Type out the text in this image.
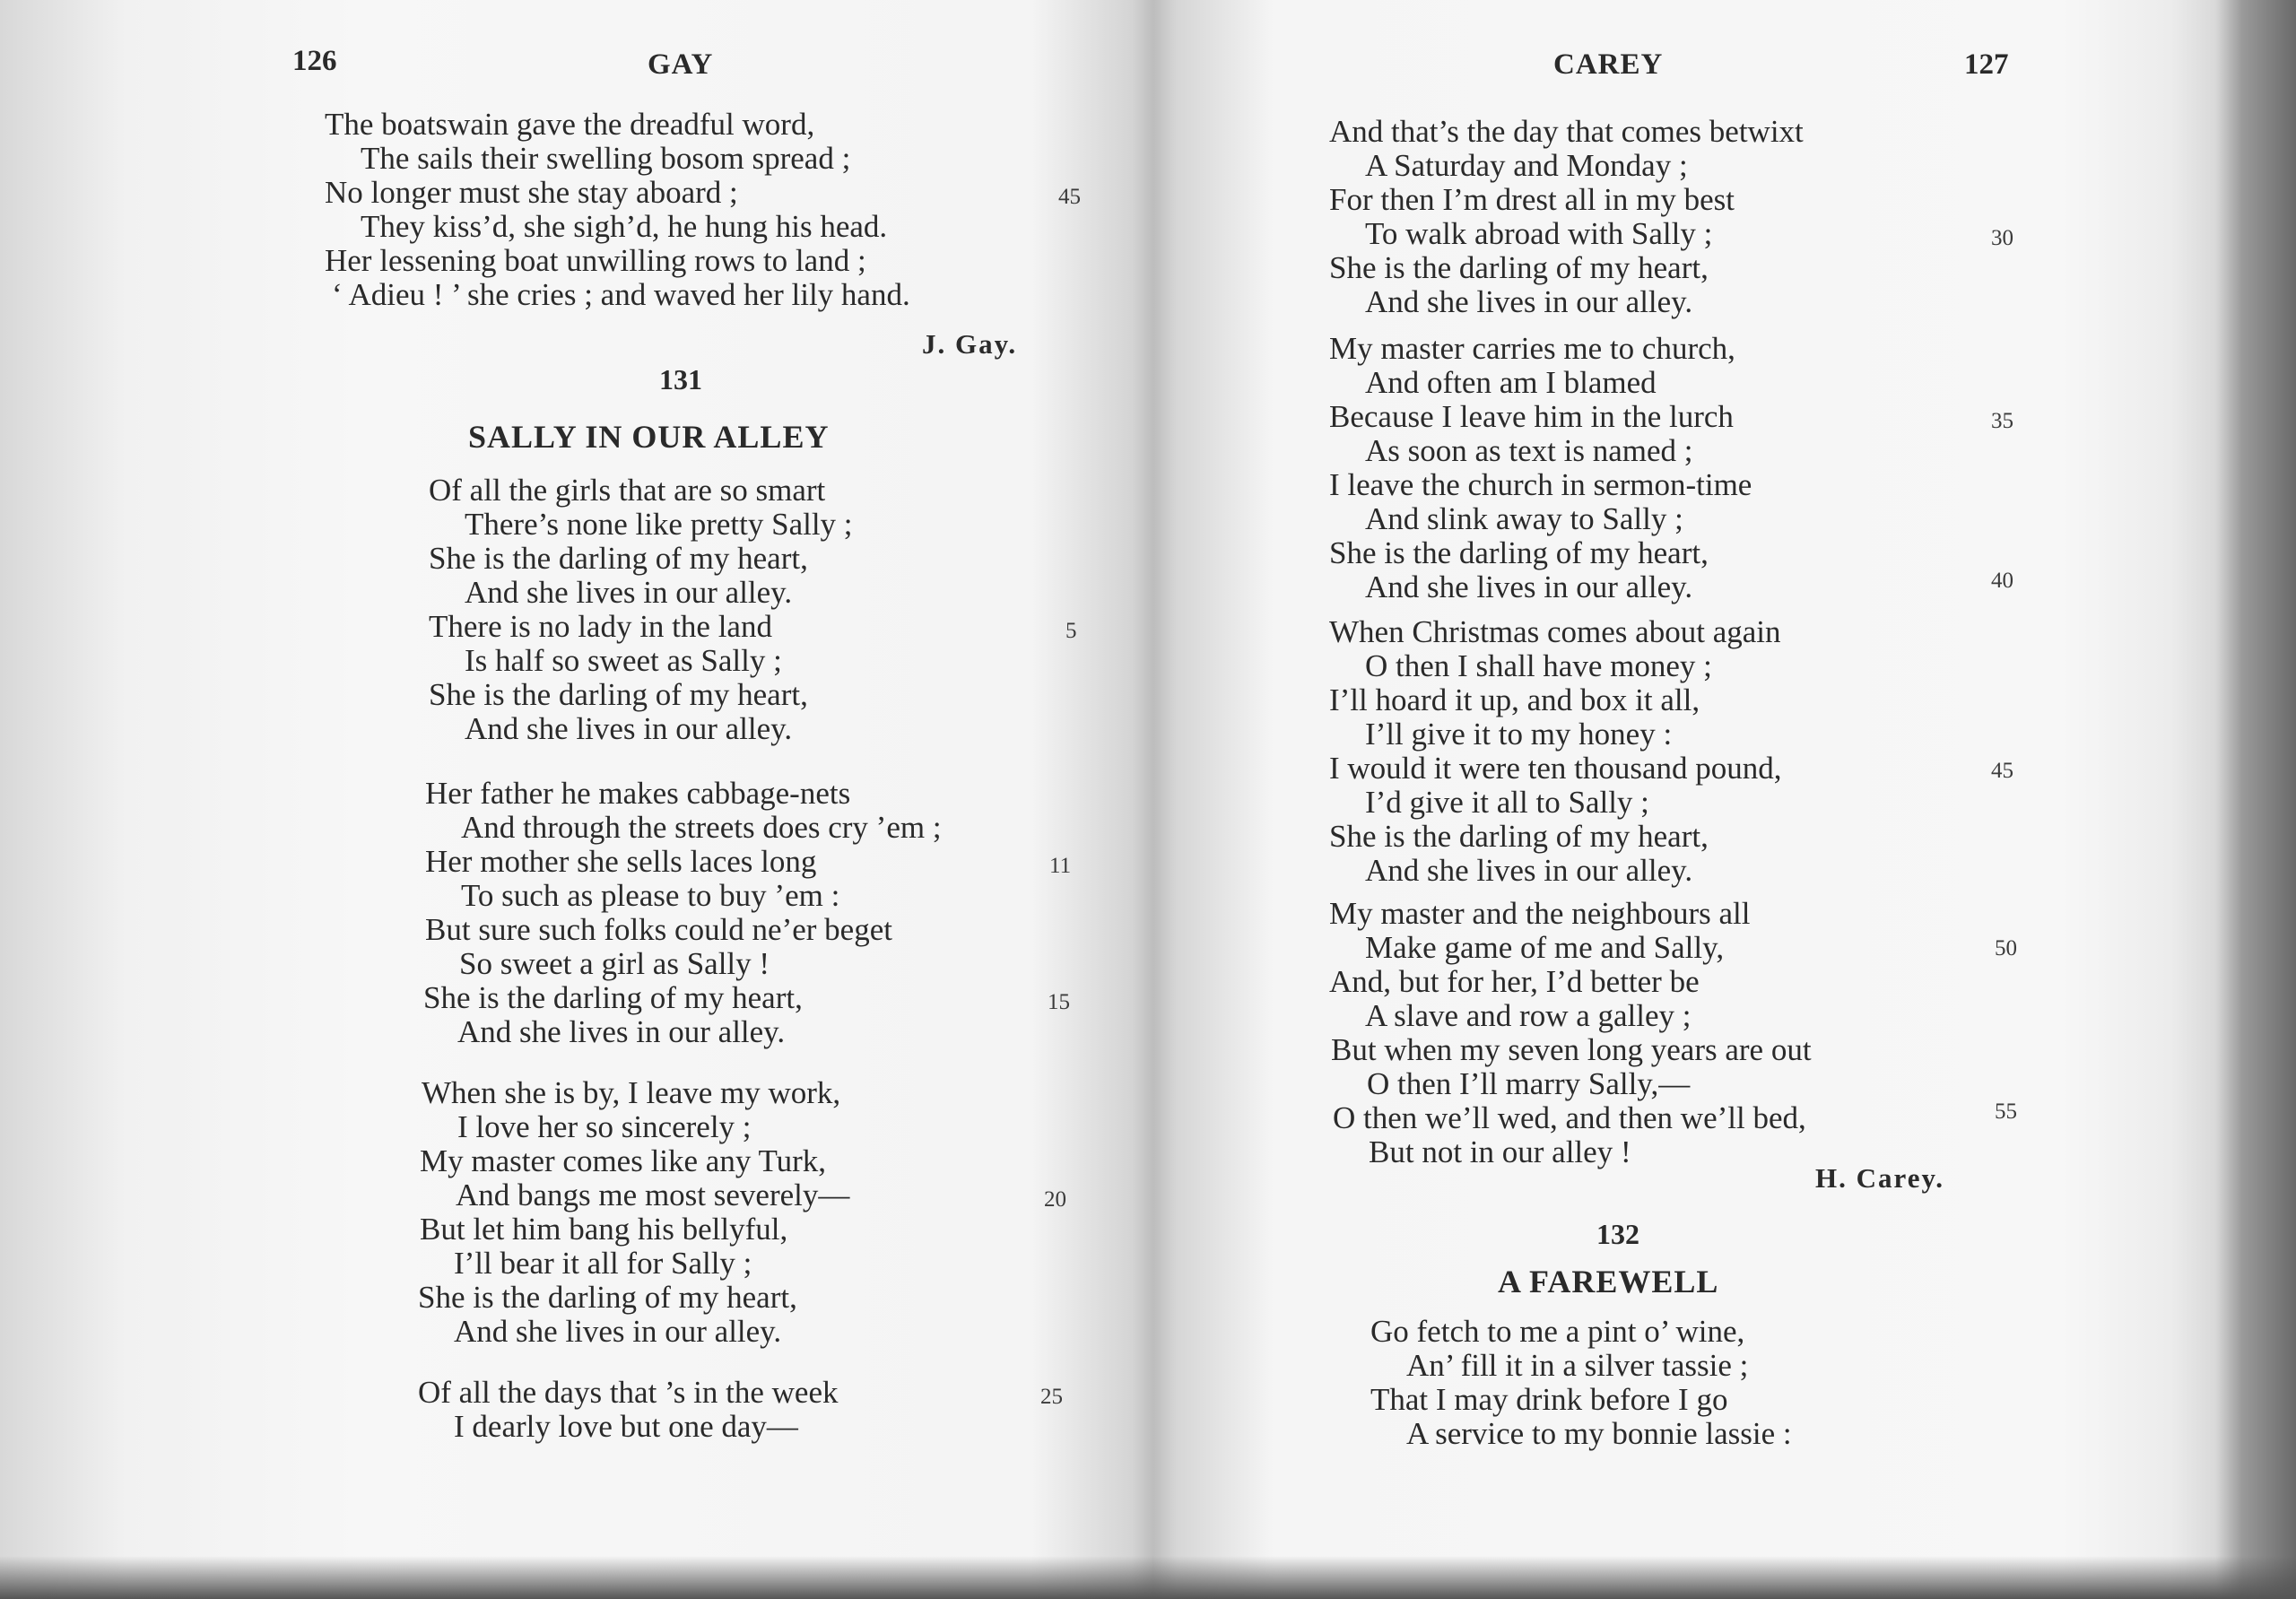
126	GAY
The boatswain gave the dreadful word,
The sails their swelling bosom spread ;
No longer must she stay aboard ;	45
They kiss’d, she sigh’d, he hung his head.
Her lessening boat unwilling rows to land ;
‘ Adieu ! ’ she cries ; and waved her lily hand.
J. Gay.
131
SALLY IN OUR ALLEY
Of all the girls that are so smart
There’s none like pretty Sally ;
She is the darling of my heart,
And she lives in our alley.
There is no lady in the land	5
Is half so sweet as Sally ;
She is the darling of my heart,
And she lives in our alley.
Her father he makes cabbage-nets
And through the streets does cry ’em ;
Her mother she sells laces long	11
To such as please to buy ’em :
But sure such folks could ne’er beget
So sweet a girl as Sally !
She is the darling of my heart,	15
And she lives in our alley.
When she is by, I leave my work,
I love her so sincerely ;
My master comes like any Turk,
And bangs me most severely—	20
But let him bang his bellyful,
I’ll bear it all for Sally ;
She is the darling of my heart,
And she lives in our alley.
Of all the days that ’s in the week	25
I dearly love but one day—
CAREY	127
And that’s the day that comes betwixt
A Saturday and Monday ;
For then I’m drest all in my best
To walk abroad with Sally ;	30
She is the darling of my heart,
And she lives in our alley.
My master carries me to church,
And often am I blamed
Because I leave him in the lurch	35
As soon as text is named ;
I leave the church in sermon-time
And slink away to Sally ;
She is the darling of my heart,
And she lives in our alley.	40
When Christmas comes about again
O then I shall have money ;
I’ll hoard it up, and box it all,
I’ll give it to my honey :
I would it were ten thousand pound,	45
I’d give it all to Sally ;
She is the darling of my heart,
And she lives in our alley.
My master and the neighbours all
Make game of me and Sally,	50
And, but for her, I’d better be
A slave and row a galley ;
But when my seven long years are out
O then I’ll marry Sally,—
O then we’ll wed, and then we’ll bed,	55
But not in our alley !
H. Carey.
132
A FAREWELL
Go fetch to me a pint o’ wine,
An’ fill it in a silver tassie ;
That I may drink before I go
A service to my bonnie lassie :
